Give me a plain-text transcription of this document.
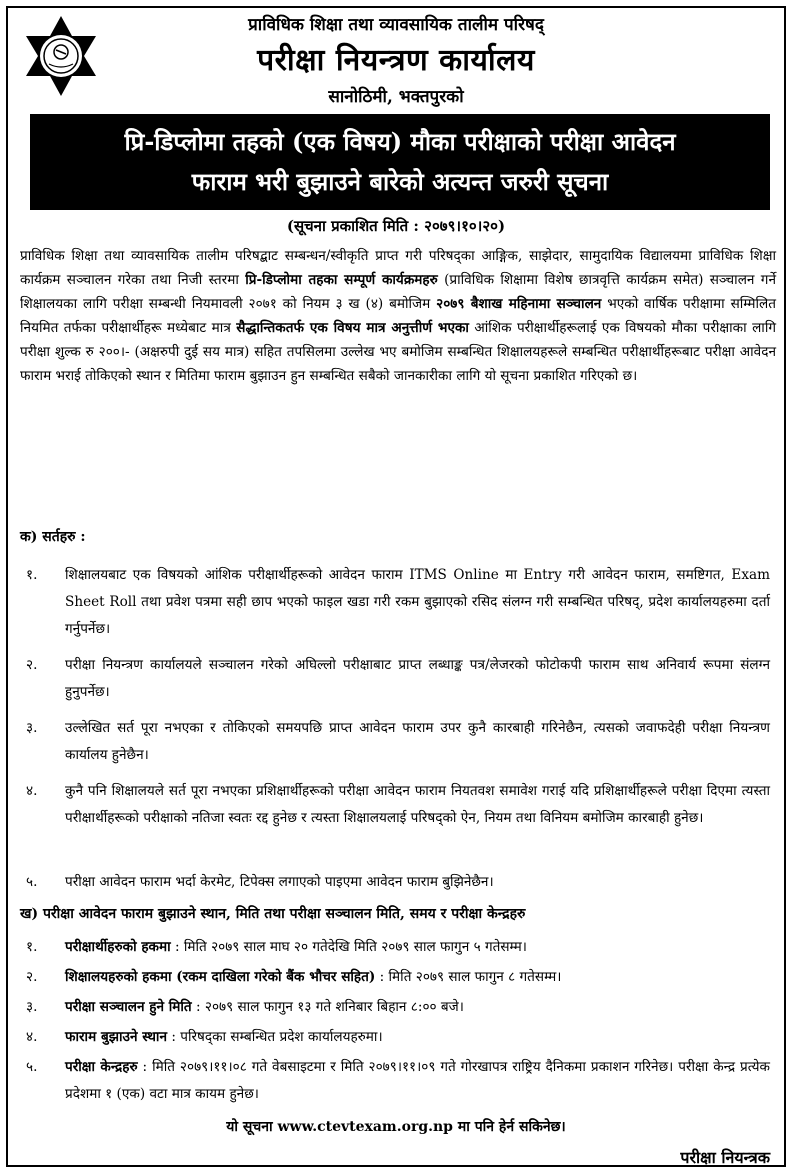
प्राविधिक शिक्षा तथा व्यावसायिक तालीम परिषद्
परीक्षा नियन्त्रण कार्यालय
सानोठिमी, भक्तपुरको
प्रि-डिप्लोमा तहको (एक विषय) मौका परीक्षाको परीक्षा आवेदन
फाराम भरी बुझाउने बारेको अत्यन्त जरुरी सूचना
(सूचना प्रकाशित मिति : २०७९।१०।२०)
प्राविधिक शिक्षा तथा व्यावसायिक तालीम परिषद्बाट सम्बन्धन/स्वीकृति प्राप्त गरी परिषद्का आङ्गिक, साझेदार, सामुदायिक विद्यालयमा प्राविधिक शिक्षा कार्यक्रम सञ्चालन गरेका तथा निजी स्तरमा प्रि-डिप्लोमा तहका सम्पूर्ण कार्यक्रमहरु (प्राविधिक शिक्षामा विशेष छात्रवृत्ति कार्यक्रम समेत) सञ्चालन गर्ने शिक्षालयका लागि परीक्षा सम्बन्धी नियमावली २०७१ को नियम ३ ख (४) बमोजिम २०७९ बैशाख महिनामा सञ्चालन भएको वार्षिक परीक्षामा सम्मिलित नियमित तर्फका परीक्षार्थीहरू मध्येबाट मात्र सैद्धान्तिकतर्फ एक विषय मात्र अनुत्तीर्ण भएका आंशिक परीक्षार्थीहरूलाई एक विषयको मौका परीक्षाका लागि परीक्षा शुल्क रु २००।- (अक्षरुपी दुई सय मात्र) सहित तपसिलमा उल्लेख भए बमोजिम सम्बन्धित शिक्षालयहरूले सम्बन्धित परीक्षार्थीहरूबाट परीक्षा आवेदन फाराम भराई तोकिएको स्थान र मितिमा फाराम बुझाउन हुन सम्बन्धित सबैको जानकारीका लागि यो सूचना प्रकाशित गरिएको छ।
क) सर्तहरु :
१. शिक्षालयबाट एक विषयको आंशिक परीक्षार्थीहरूको आवेदन फाराम ITMS Online मा Entry गरी आवेदन फाराम, समष्टिगत, Exam Sheet Roll तथा प्रवेश पत्रमा सही छाप भएको फाइल खडा गरी रकम बुझाएको रसिद संलग्न गरी सम्बन्धित परिषद्, प्रदेश कार्यालयहरुमा दर्ता गर्नुपर्नेछ।
२. परीक्षा नियन्त्रण कार्यालयले सञ्चालन गरेको अघिल्लो परीक्षाबाट प्राप्त लब्धाङ्क पत्र/लेजरको फोटोकपी फाराम साथ अनिवार्य रूपमा संलग्न हुनुपर्नेछ।
३. उल्लेखित सर्त पूरा नभएका र तोकिएको समयपछि प्राप्त आवेदन फाराम उपर कुनै कारबाही गरिनेछैन, त्यसको जवाफदेही परीक्षा नियन्त्रण कार्यालय हुनेछैन।
४. कुनै पनि शिक्षालयले सर्त पूरा नभएका प्रशिक्षार्थीहरूको परीक्षा आवेदन फाराम नियतवश समावेश गराई यदि प्रशिक्षार्थीहरूले परीक्षा दिएमा त्यस्ता परीक्षार्थीहरूको परीक्षाको नतिजा स्वतः रद्द हुनेछ र त्यस्ता शिक्षालयलाई परिषद्को ऐन, नियम तथा विनियम बमोजिम कारबाही हुनेछ।
५. परीक्षा आवेदन फाराम भर्दा केरमेट, टिपेक्स लगाएको पाइएमा आवेदन फाराम बुझिनेछैन।
ख) परीक्षा आवेदन फाराम बुझाउने स्थान, मिति तथा परीक्षा सञ्चालन मिति, समय र परीक्षा केन्द्रहरु
१. परीक्षार्थीहरुको हकमा : मिति २०७९ साल माघ २० गतेदेखि मिति २०७९ साल फागुन ५ गतेसम्म।
२. शिक्षालयहरुको हकमा (रकम दाखिला गरेको बैंक भौचर सहित) : मिति २०७९ साल फागुन ८ गतेसम्म।
३. परीक्षा सञ्चालन हुने मिति : २०७९ साल फागुन १३ गते शनिबार बिहान ८:०० बजे।
४. फाराम बुझाउने स्थान : परिषद्का सम्बन्धित प्रदेश कार्यालयहरुमा।
५. परीक्षा केन्द्रहरु : मिति २०७९।११।०८ गते वेबसाइटमा र मिति २०७९।११।०९ गते गोरखापत्र राष्ट्रिय दैनिकमा प्रकाशन गरिनेछ। परीक्षा केन्द्र प्रत्येक प्रदेशमा १ (एक) वटा मात्र कायम हुनेछ।
यो सूचना www.ctevtexam.org.np मा पनि हेर्न सकिनेछ।
परीक्षा नियन्त्रक
